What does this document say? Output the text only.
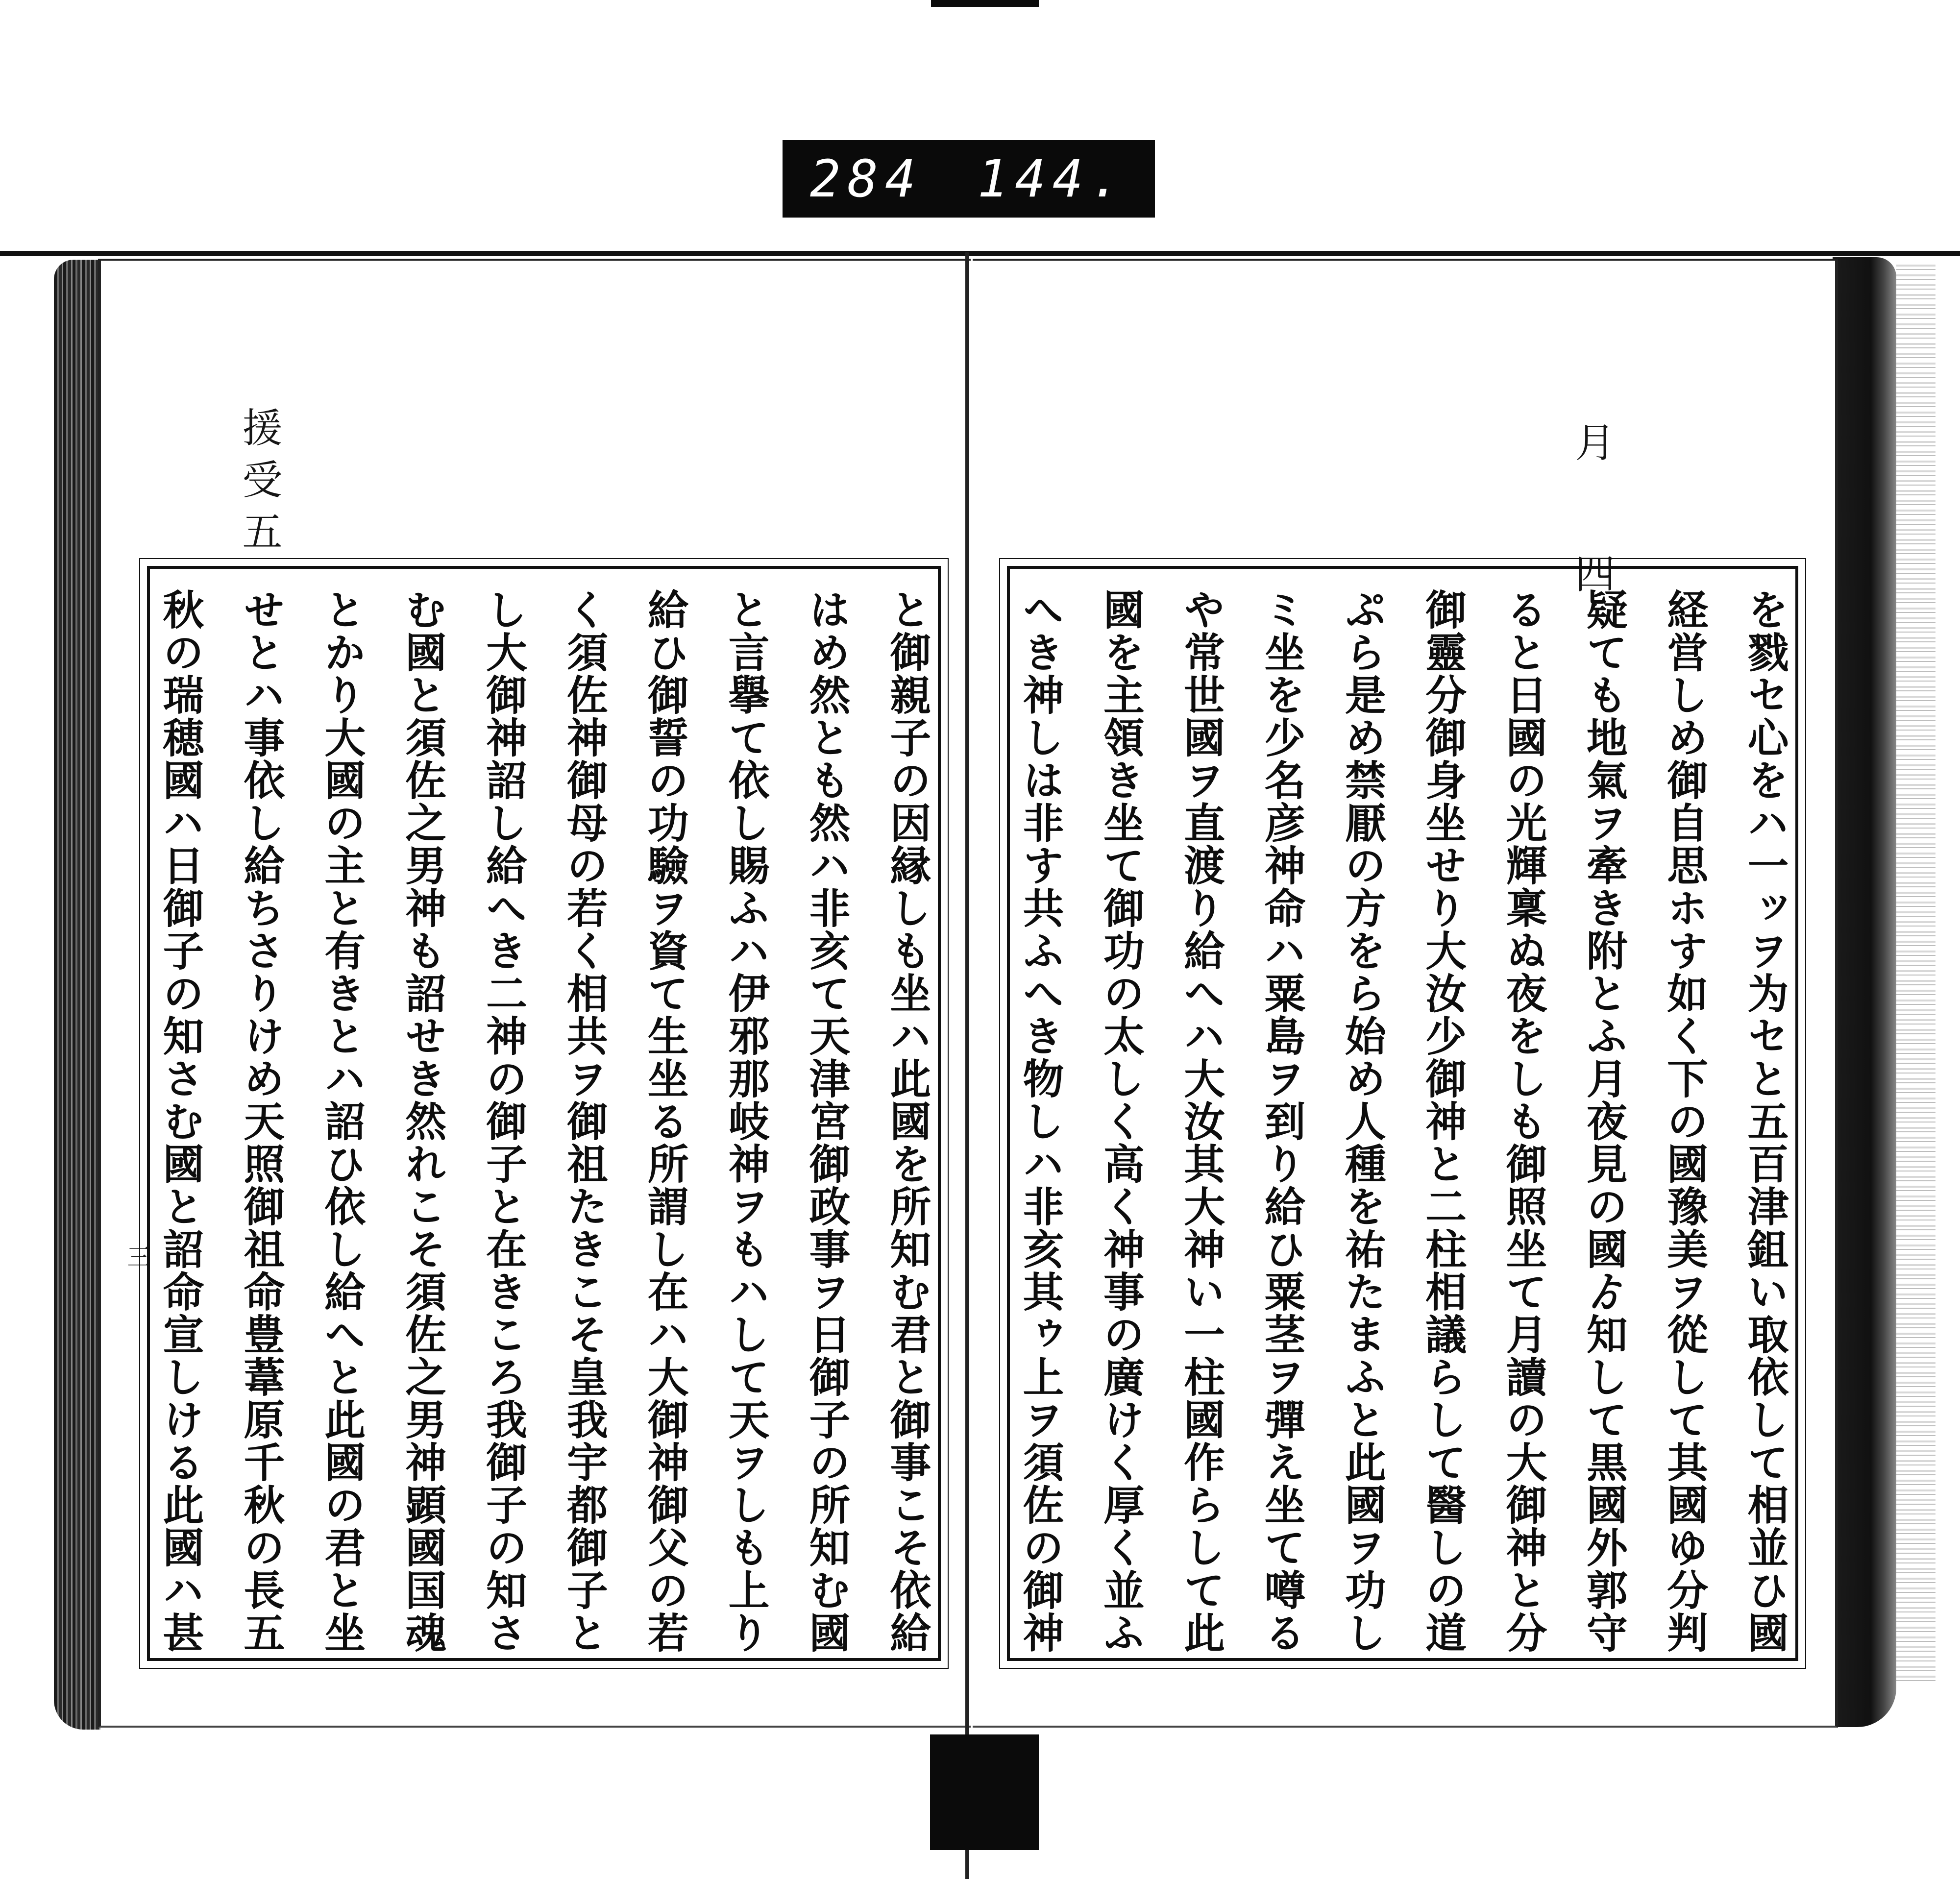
284 144.
援受五	月 四
三	と御親子の因縁しも坐ハ此國を所知む君と御事こそ依給
はめ然とも然ハ非亥て天津宮御政事ヲ日御子の所知む國
と言擧て依し賜ふハ伊邪那岐神ヲもハして天ヲしも上り
給ひ御誓の功驗ヲ資て生坐る所謂し在ハ大御神御父の若
く須佐神御母の若く相共ヲ御祖たきこそ皇我宇都御子と
し大御神詔し給へき二神の御子と在きころ我御子の知さ
む國と須佐之男神も詔せき然れこそ須佐之男神顕國国魂
とかり大國の主と有きとハ詔ひ依し給へと此國の君と坐
せとハ事依し給ちさりけめ天照御祖命豊葦原千秋の長五
秋の瑞穂國ハ日御子の知さむ國と詔命宣しける此國ハ甚	を戮セ心をハ一ッヲ为セと五百津鉏い取依して相並ひ國
経営しめ御自思ホす如く下の國豫美ヲ從して其國ゆ分判
疑ても地氣ヲ牽き附とふ月夜見の國ゟ知して黒國外郭守
ると日國の光輝稟ぬ夜をしも御照坐て月讀の大御神と分
御靈分御身坐せり大汝少御神と二柱相議らして醫しの道
ぷら是め禁厭の方をら始め人種を祐たまふと此國ヲ功し
ミ坐を少名彦神命ハ粟島ヲ到り給ひ粟茎ヲ彈え坐て噂る
や常世國ヲ直渡り給へハ大汝其大神い一柱國作らして此
國を主領き坐て御功の太しく高く神事の廣けく厚く並ふ
へき神しは非す共ふへき物しハ非亥其ゥ上ヲ須佐の御神
